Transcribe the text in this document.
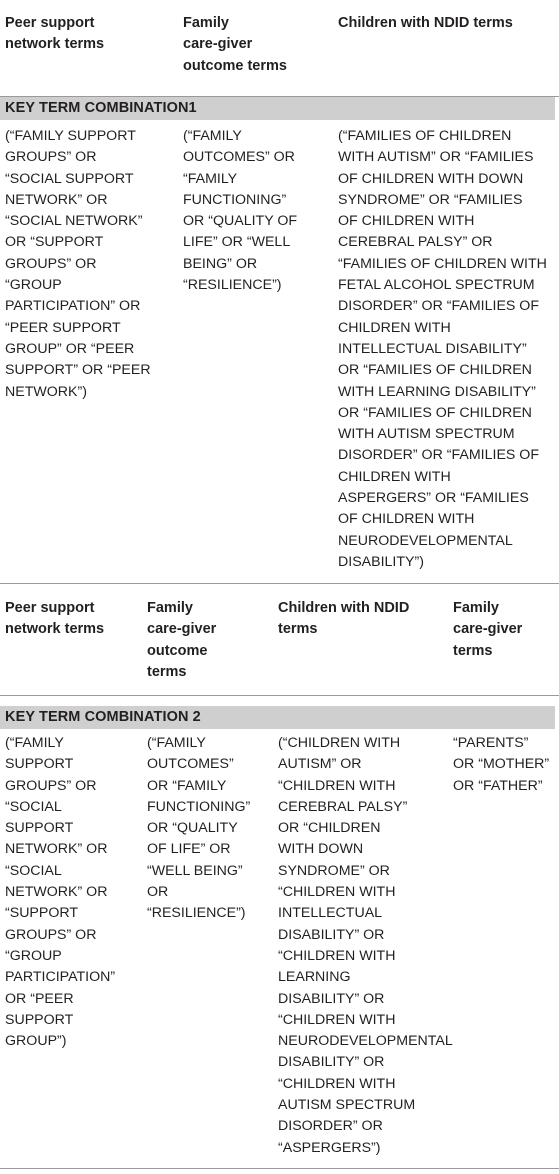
Peer support
network terms
Family
care-giver
outcome terms
Children with NDID terms
KEY TERM COMBINATION1
(“FAMILY SUPPORT
GROUPS” OR
“SOCIAL SUPPORT
NETWORK” OR
“SOCIAL NETWORK”
OR “SUPPORT
GROUPS” OR
“GROUP
PARTICIPATION” OR
“PEER SUPPORT
GROUP” OR “PEER
SUPPORT” OR “PEER
NETWORK”)
(“FAMILY
OUTCOMES” OR
“FAMILY
FUNCTIONING”
OR “QUALITY OF
LIFE” OR “WELL
BEING” OR
“RESILIENCE”)
(“FAMILIES OF CHILDREN
WITH AUTISM” OR “FAMILIES
OF CHILDREN WITH DOWN
SYNDROME” OR “FAMILIES
OF CHILDREN WITH
CEREBRAL PALSY” OR
“FAMILIES OF CHILDREN WITH
FETAL ALCOHOL SPECTRUM
DISORDER” OR “FAMILIES OF
CHILDREN WITH
INTELLECTUAL DISABILITY”
OR “FAMILIES OF CHILDREN
WITH LEARNING DISABILITY”
OR “FAMILIES OF CHILDREN
WITH AUTISM SPECTRUM
DISORDER” OR “FAMILIES OF
CHILDREN WITH
ASPERGERS” OR “FAMILIES
OF CHILDREN WITH
NEURODEVELOPMENTAL
DISABILITY”)
Peer support
network terms
Family
care-giver
outcome
terms
Children with NDID
terms
Family
care-giver
terms
KEY TERM COMBINATION 2
(“FAMILY
SUPPORT
GROUPS” OR
“SOCIAL
SUPPORT
NETWORK” OR
“SOCIAL
NETWORK” OR
“SUPPORT
GROUPS” OR
“GROUP
PARTICIPATION”
OR “PEER
SUPPORT
GROUP”)
(“FAMILY
OUTCOMES”
OR “FAMILY
FUNCTIONING”
OR “QUALITY
OF LIFE” OR
“WELL BEING”
OR
“RESILIENCE”)
(“CHILDREN WITH
AUTISM” OR
“CHILDREN WITH
CEREBRAL PALSY”
OR “CHILDREN
WITH DOWN
SYNDROME” OR
“CHILDREN WITH
INTELLECTUAL
DISABILITY” OR
“CHILDREN WITH
LEARNING
DISABILITY” OR
“CHILDREN WITH
NEURODEVELOPMENTAL
DISABILITY” OR
“CHILDREN WITH
AUTISM SPECTRUM
DISORDER” OR
“ASPERGERS”)
“PARENTS”
OR “MOTHER”
OR “FATHER”
